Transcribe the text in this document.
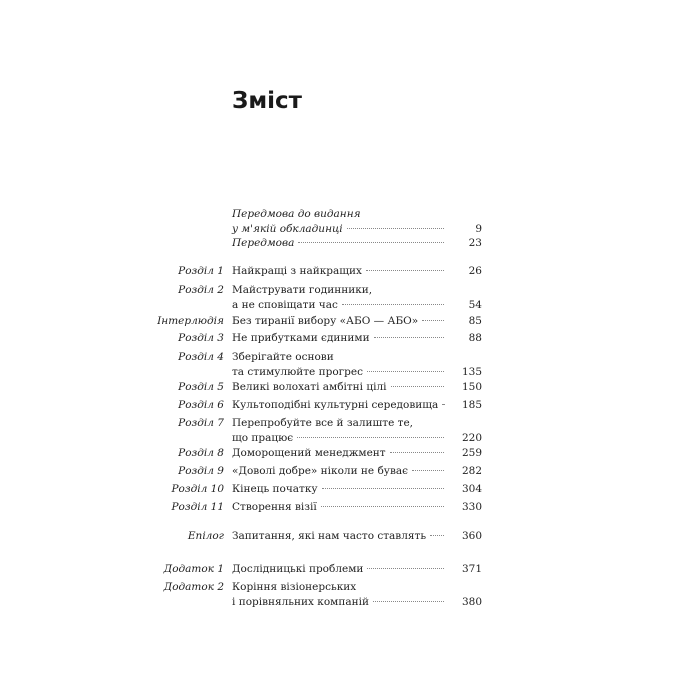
Зміст
Передмова до видання
у м'якій обкладинці	9
Передмова	23
Розділ 1 Найкращі з найкращих	26
Розділ 2 Майструвати годинники,
а не сповіщати час	54
Інтерлюдія Без тиранії вибору «АБО — АБО»	85
Розділ 3 Не прибутками єдиними	88
Розділ 4 Зберігайте основи
та стимулюйте прогрес	135
Розділ 5 Великі волохаті амбітні цілі	150
Розділ 6 Культоподібні культурні середовища	185
Розділ 7 Перепробуйте все й залиште те,
що працює	220
Розділ 8 Доморощений менеджмент	259
Розділ 9 «Доволі добре» ніколи не буває	282
Розділ 10 Кінець початку	304
Розділ 11 Створення візії	330
Епілог Запитання, які нам часто ставлять	360
Додаток 1 Дослідницькі проблеми	371
Додаток 2 Коріння візіонерських
і порівняльних компаній	380
